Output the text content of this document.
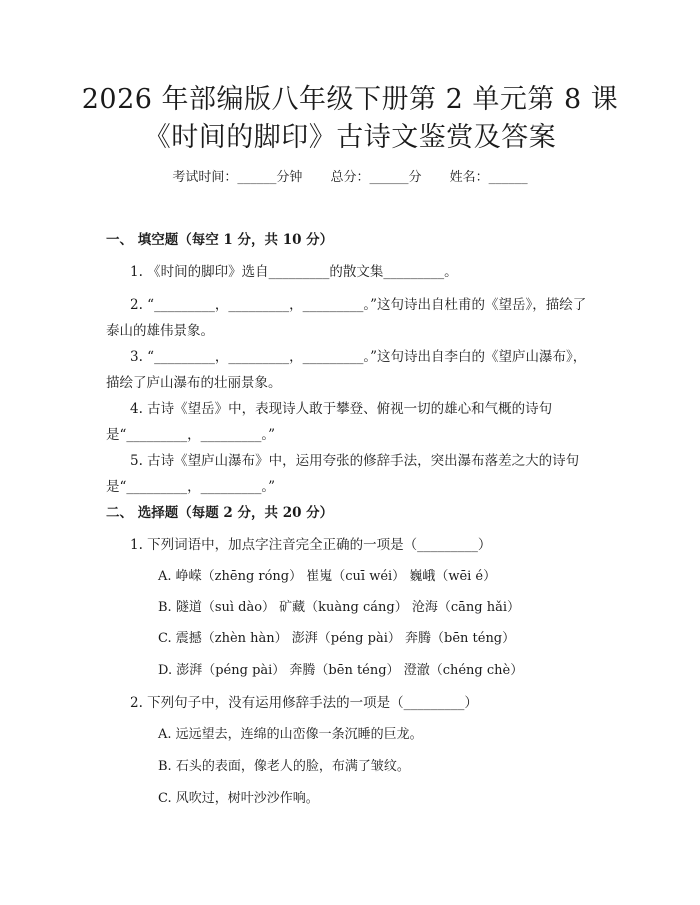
2026 年部编版八年级下册第 2 单元第 8 课
《时间的脚印》古诗文鉴赏及答案
考试时间：______分钟 总分：______分 姓名：______
一、 填空题（每空 1 分，共 10 分）
1. 《时间的脚印》选自_________的散文集_________。
2. “_________，_________，_________。”这句诗出自杜甫的《望岳》，描绘了泰山的雄伟景象。
3. “_________，_________，_________。”这句诗出自李白的《望庐山瀑布》，描绘了庐山瀑布的壮丽景象。
4. 古诗《望岳》中，表现诗人敢于攀登、俯视一切的雄心和气概的诗句是“_________，_________。”
5. 古诗《望庐山瀑布》中，运用夸张的修辞手法，突出瀑布落差之大的诗句是“_________，_________。”
二、 选择题（每题 2 分，共 20 分）
1. 下列词语中，加点字注音完全正确的一项是（_________）
A. 峥嵘（zhēng róng） 崔嵬（cuī wéi） 巍峨（wēi é）
B. 隧道（suì dào） 矿藏（kuàng cáng） 沧海（cāng hǎi）
C. 震撼（zhèn hàn） 澎湃（péng pài） 奔腾（bēn téng）
D. 澎湃（péng pài） 奔腾（bēn téng） 澄澈（chéng chè）
2. 下列句子中，没有运用修辞手法的一项是（_________）
A. 远远望去，连绵的山峦像一条沉睡的巨龙。
B. 石头的表面，像老人的脸，布满了皱纹。
C. 风吹过，树叶沙沙作响。
